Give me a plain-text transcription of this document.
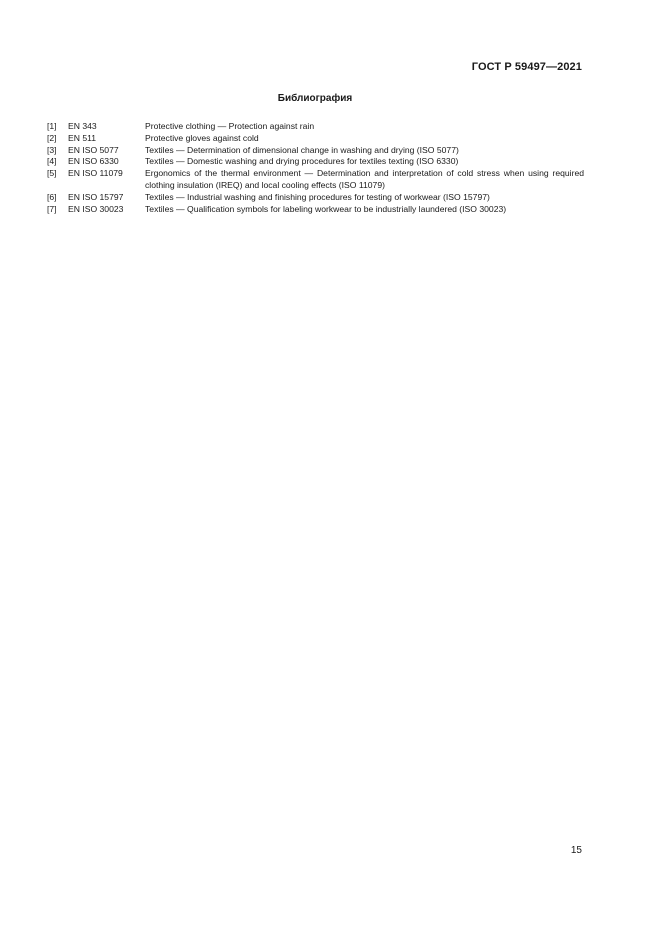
ГОСТ Р 59497—2021
Библиография
[1]	EN 343	Protective clothing — Protection against rain
[2]	EN 511	Protective gloves against cold
[3]	EN ISO 5077	Textiles — Determination of dimensional change in washing and drying (ISO 5077)
[4]	EN ISO 6330	Textiles — Domestic washing and drying procedures for textiles texting (ISO 6330)
[5]	EN ISO 11079	Ergonomics of the thermal environment — Determination and interpretation of cold stress when using required clothing insulation (IREQ) and local cooling effects (ISO 11079)
[6]	EN ISO 15797	Textiles — Industrial washing and finishing procedures for testing of workwear (ISO 15797)
[7]	EN ISO 30023	Textiles — Qualification symbols for labeling workwear to be industrially laundered (ISO 30023)
15
